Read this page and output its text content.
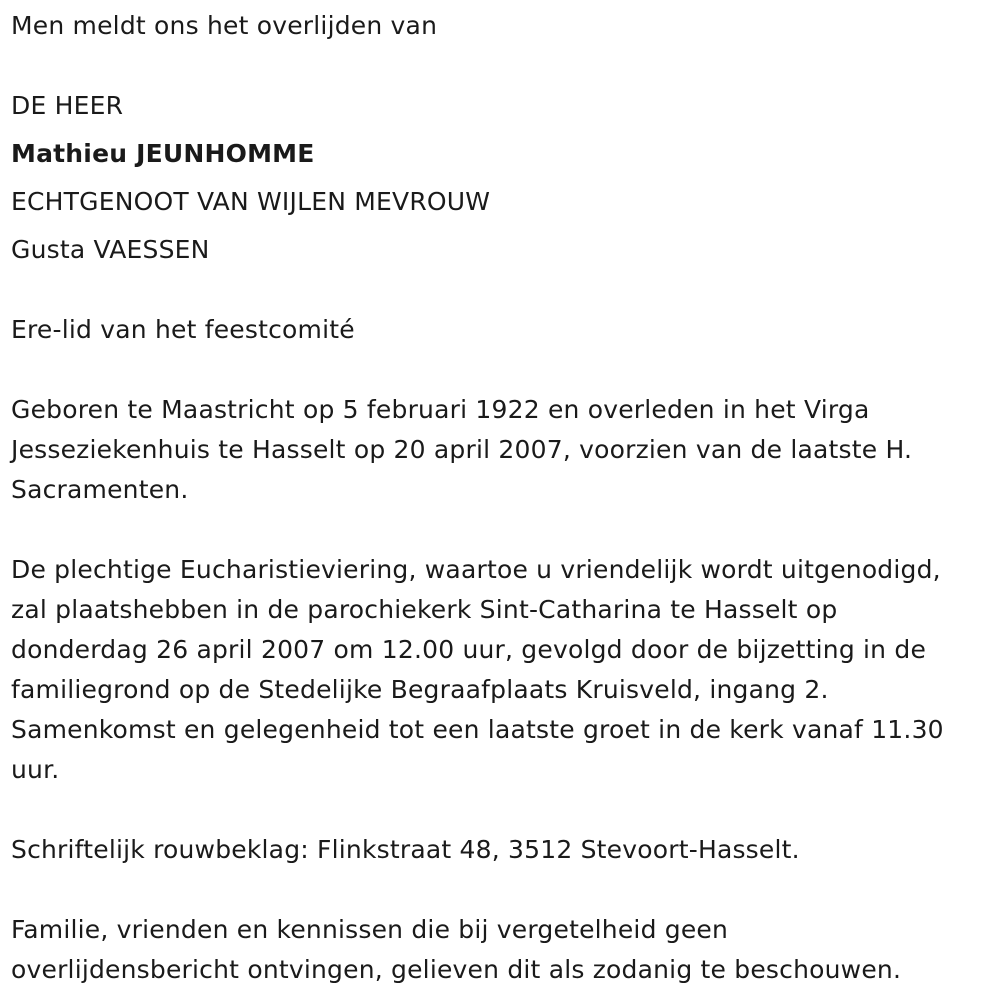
Men meldt ons het overlijden van
DE HEER
Mathieu JEUNHOMME
ECHTGENOOT VAN WIJLEN MEVROUW
Gusta VAESSEN
Ere-lid van het feestcomité
Geboren te Maastricht op 5 februari 1922 en overleden in het Virga
Jesseziekenhuis te Hasselt op 20 april 2007, voorzien van de laatste H.
Sacramenten.
De plechtige Eucharistieviering, waartoe u vriendelijk wordt uitgenodigd,
zal plaatshebben in de parochiekerk Sint-Catharina te Hasselt op
donderdag 26 april 2007 om 12.00 uur, gevolgd door de bijzetting in de
familiegrond op de Stedelijke Begraafplaats Kruisveld, ingang 2.
Samenkomst en gelegenheid tot een laatste groet in de kerk vanaf 11.30
uur.
Schriftelijk rouwbeklag: Flinkstraat 48, 3512 Stevoort-Hasselt.
Familie, vrienden en kennissen die bij vergetelheid geen
overlijdensbericht ontvingen, gelieven dit als zodanig te beschouwen.
